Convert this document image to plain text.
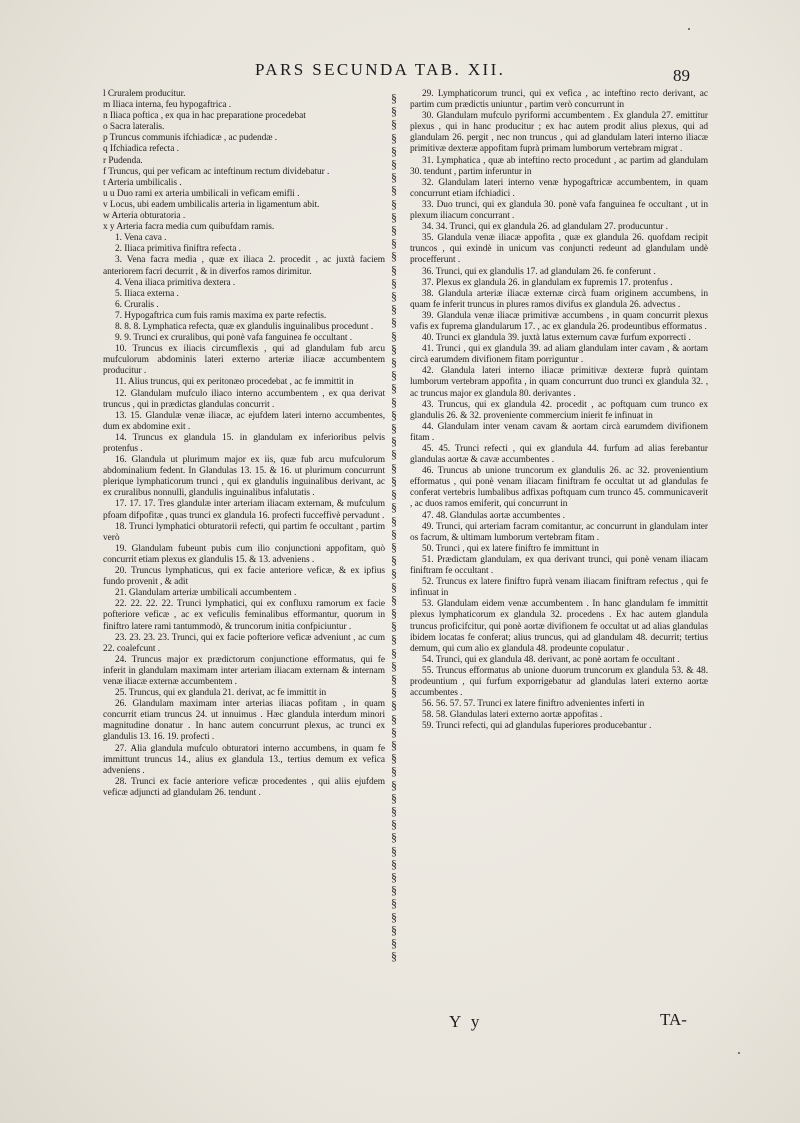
PARS SECUNDA TAB. XII.	89

l Cruralem producitur.

m Iliaca interna, feu hypogaftrica .

n Iliaca poftica , ex qua in hac preparatione procedebat

o Sacra lateralis.

p Truncus communis ifchiadicæ , ac pudendæ .

q Ifchiadica refecta .

r Pudenda.

f Truncus, qui per veficam ac inteftinum rectum dividebatur .

t Arteria umbilicalis .

u u Duo rami ex arteria umbilicali in veficam emifli .

v Locus, ubi eadem umbilicalis arteria in ligamentum abit.

w Arteria obturatoria .

x y Arteria facra media cum quibufdam ramis.

1. Vena cava .

2. Iliaca primitiva finiftra refecta .

3. Vena facra media , quæ ex iliaca 2. procedit , ac juxtà faciem anteriorem facri decurrit , & in diverfos ramos dirimitur.

4. Vena iliaca primitiva dextera .

5. Iliaca externa .

6. Cruralis .

7. Hypogaftrica cum fuis ramis maxima ex parte refectis.

8. 8. 8. Lymphatica refecta, quæ ex glandulis inguinalibus procedunt .

9. 9. Trunci ex cruralibus, qui ponè vafa fanguinea fe occultant .

10. Truncus ex iliacis circumflexis , qui ad glandulam fub arcu mufculorum abdominis lateri externo arteriæ iliacæ accumbentem producitur .

11. Alius truncus, qui ex peritonæo procedebat , ac fe immittit in

12. Glandulam mufculo iliaco interno accumbentem , ex qua derivat truncus , qui in prædictas glandulas concurrit .

13. 15. Glandulæ venæ iliacæ, ac ejufdem lateri interno accumbentes, dum ex abdomine exit .

14. Truncus ex glandula 15. in glandulam ex inferioribus pelvis protenfus .

16. Glandula ut plurimum major ex iis, quæ fub arcu mufculorum abdominalium fedent. In Glandulas 13. 15. & 16. ut plurimum concurrunt plerique lymphaticorum trunci , qui ex glandulis inguinalibus derivant, ac ex cruralibus nonnulli, glandulis inguinalibus infalutatis .

17. 17. 17. Tres glandulæ inter arteriam iliacam externam, & mufculum pfoam difpofitæ , quas trunci ex glandula 16. profecti fucceffivè pervadunt .

18. Trunci lymphatici obturatorii refecti, qui partim fe occultant , partim verò

19. Glandulam fubeunt pubis cum ilio conjunctioni appofitam, quò concurrit etiam plexus ex glandulis 15. & 13. adveniens .

20. Truncus lymphaticus, qui ex facie anteriore veficæ, & ex ipfius fundo provenit , & adit

21. Glandulam arteriæ umbilicali accumbentem .

22. 22. 22. 22. Trunci lymphatici, qui ex confluxu ramorum ex facie pofteriore veficæ , ac ex veficulis feminalibus efformantur, quorum in finiftro latere rami tantummodò, & truncorum initia confpiciuntur .

23. 23. 23. 23. Trunci, qui ex facie pofteriore veficæ adveniunt , ac cum 22. coalefcunt .

24. Truncus major ex prædictorum conjunctione efformatus, qui fe inferit in glandulam maximam inter arteriam iliacam externam & internam venæ iliacæ externæ accumbentem .

25. Truncus, qui ex glandula 21. derivat, ac fe immittit in

26. Glandulam maximam inter arterias iliacas pofitam , in quam concurrit etiam truncus 24. ut innuimus . Hæc glandula interdum minori magnitudine donatur . In hanc autem concurrunt plexus, ac trunci ex glandulis 13. 16. 19. profecti .

27. Alia glandula mufculo obturatori interno accumbens, in quam fe immittunt truncus 14., alius ex glandula 13., tertius demum ex vefica adveniens .

28. Trunci ex facie anteriore veficæ procedentes , qui aliis ejufdem veficæ adjuncti ad glandulam 26. tendunt .

§
§
§
§
§
§
§
§
§
§
§
§
§
§
§
§
§
§
§
§
§
§
§
§
§
§
§
§
§
§
§
§
§
§
§
§
§
§
§
§
§
§
§
§
§
§
§
§
§
§
§
§
§
§
§
§
§
§
§
§
§
§
§
§
§
§

29. Lymphaticorum trunci, qui ex vefica , ac inteftino recto derivant, ac partim cum prædictis uniuntur , partim verò concurrunt in

30. Glandulam mufculo pyriformi accumbentem . Ex glandula 27. emittitur plexus , qui in hanc producitur ; ex hac autem prodit alius plexus, qui ad glandulam 26. pergit , nec non truncus , qui ad glandulam lateri interno iliacæ primitivæ dexteræ appofitam fuprà primam lumborum vertebram migrat .

31. Lymphatica , quæ ab inteftino recto procedunt , ac partim ad glandulam 30. tendunt , partim inferuntur in

32. Glandulam lateri interno venæ hypogaftricæ accumbentem, in quam concurrunt etiam ifchiadici .

33. Duo trunci, qui ex glandula 30. ponè vafa fanguinea fe occultant , ut in plexum iliacum concurrant .

34. 34. Trunci, qui ex glandula 26. ad glandulam 27. producuntur .

35. Glandula venæ iliacæ appofita , quæ ex glandula 26. quofdam recipit truncos , qui exindè in unicum vas conjuncti redeunt ad glandulam undè procefferunt .

36. Trunci, qui ex glandulis 17. ad glandulam 26. fe conferunt .

37. Plexus ex glandula 26. in glandulam ex fupremis 17. protenfus .

38. Glandula arteriæ iliacæ externæ circà fuam originem accumbens, in quam fe inferit truncus in plures ramos divifus ex glandula 26. advectus .

39. Glandula venæ iliacæ primitivæ accumbens , in quam concurrit plexus vafis ex fuprema glandularum 17. , ac ex glandula 26. prodeuntibus efformatus .

40. Trunci ex glandula 39. juxtà latus externum cavæ furfum exporrecti .

41. Trunci , qui ex glandula 39. ad aliam glandulam inter cavam , & aortam circà earumdem divifionem fitam porriguntur .

42. Glandula lateri interno iliacæ primitivæ dexteræ fuprà quintam lumborum vertebram appofita , in quam concurrunt duo trunci ex glandula 32. , ac truncus major ex glandula 80. derivantes .

43. Truncus, qui ex glandula 42. procedit , ac poftquam cum trunco ex glandulis 26. & 32. proveniente commercium inierit fe infinuat in

44. Glandulam inter venam cavam & aortam circà earumdem divifionem fitam .

45. 45. Trunci refecti , qui ex glandula 44. furfum ad alias ferebantur glandulas aortæ & cavæ accumbentes .

46. Truncus ab unione truncorum ex glandulis 26. ac 32. provenientium efformatus , qui ponè venam iliacam finiftram fe occultat ut ad glandulas fe conferat vertebris lumbalibus adfixas poftquam cum trunco 45. communicaverit , ac duos ramos emiferit, qui concurrunt in

47. 48. Glandulas aortæ accumbentes .

49. Trunci, qui arteriam facram comitantur, ac concurrunt in glandulam inter os facrum, & ultimam lumborum vertebram fitam .

50. Trunci , qui ex latere finiftro fe immittunt in

51. Prædictam glandulam, ex qua derivant trunci, qui ponè venam iliacam finiftram fe occultant .

52. Truncus ex latere finiftro fuprà venam iliacam finiftram refectus , qui fe infinuat in

53. Glandulam eidem venæ accumbentem . In hanc glandulam fe immittit plexus lymphaticorum ex glandula 32. procedens . Ex hac autem glandula truncus proficifcitur, qui ponè aortæ divifionem fe occultat ut ad alias glandulas ibidem locatas fe conferat; alius truncus, qui ad glandulam 48. decurrit; tertius demum, qui cum alio ex glandula 48. prodeunte copulatur .

54. Trunci, qui ex glandula 48. derivant, ac ponè aortam fe occultant .

55. Truncus efformatus ab unione duorum truncorum ex glandula 53. & 48. prodeuntium , qui furfum exporrigebatur ad glandulas lateri externo aortæ accumbentes .

56. 56. 57. 57. Trunci ex latere finiftro advenientes inferti in

58. 58. Glandulas lateri externo aortæ appofitas .

59. Trunci refecti, qui ad glandulas fuperiores producebantur .

Y y	TA-
